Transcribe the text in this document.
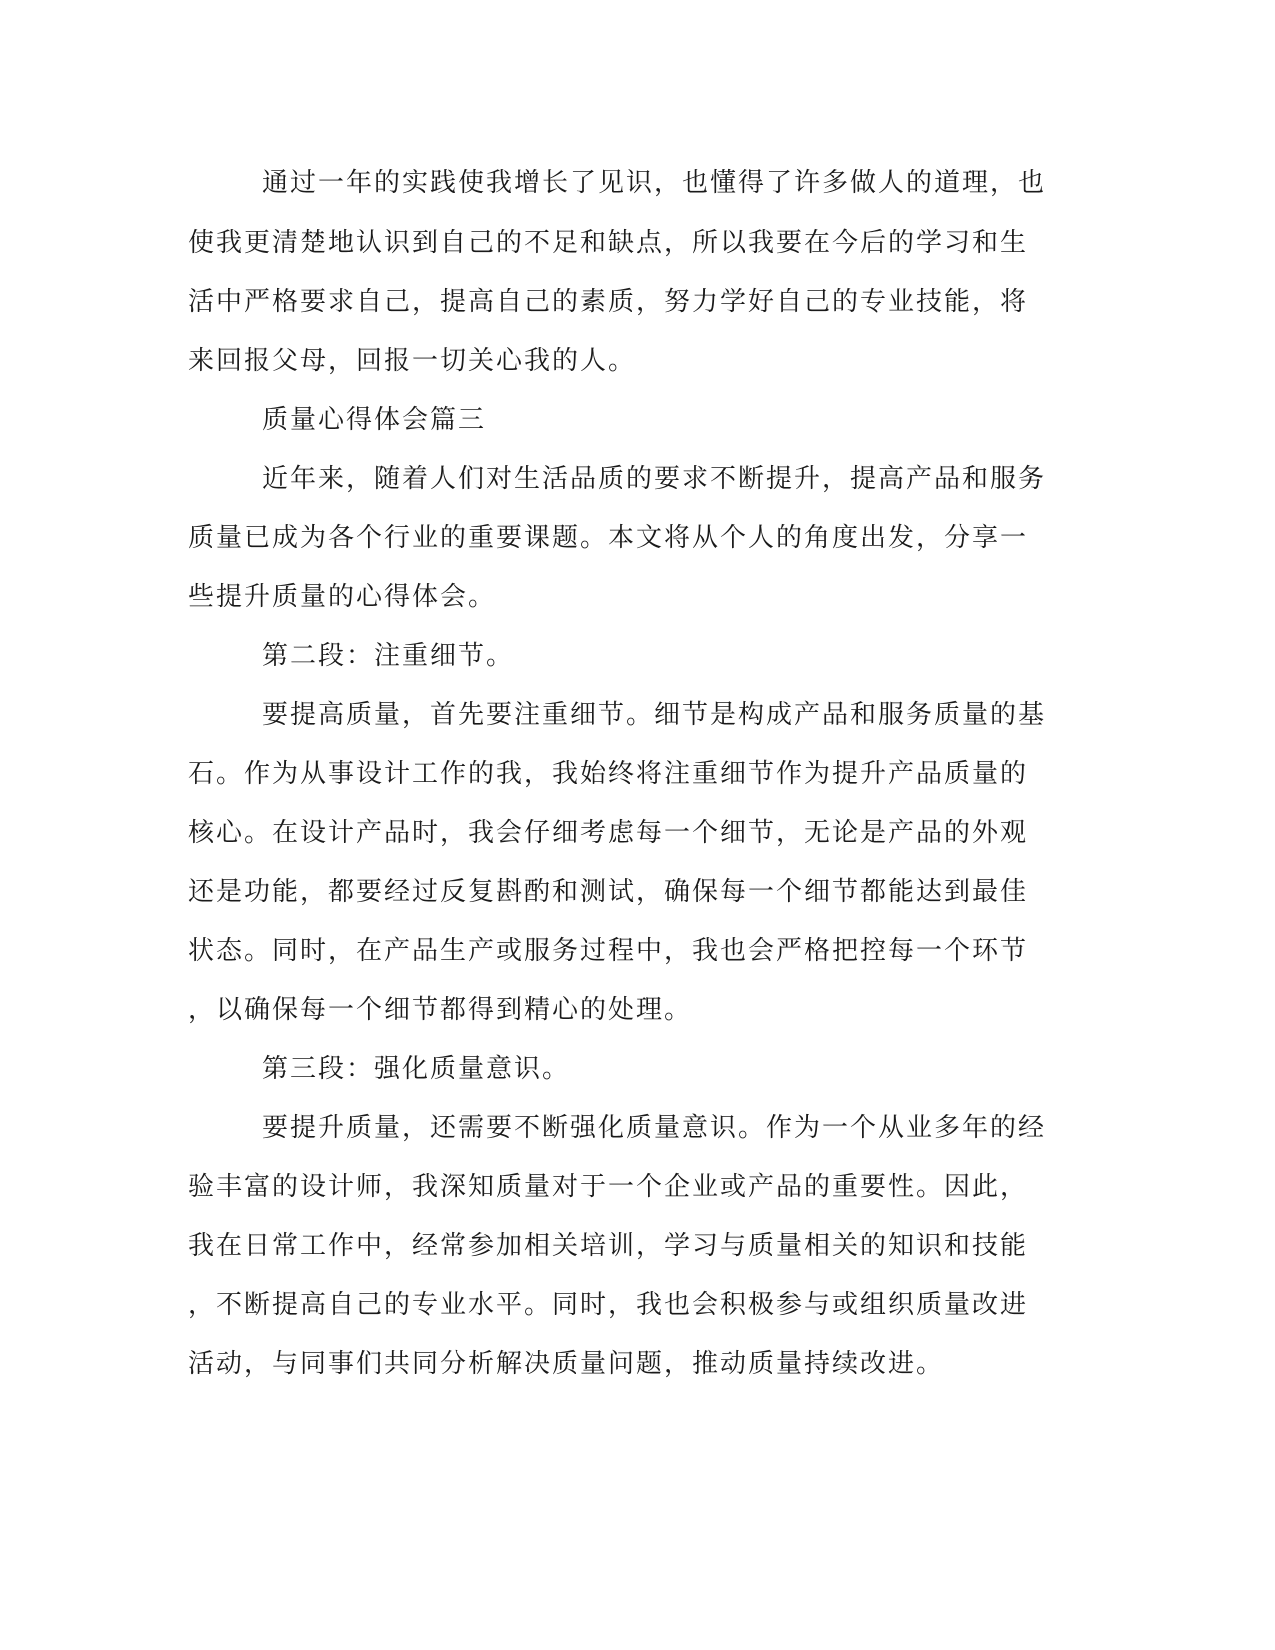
通过一年的实践使我增长了见识，也懂得了许多做人的道理，也
使我更清楚地认识到自己的不足和缺点，所以我要在今后的学习和生
活中严格要求自己，提高自己的素质，努力学好自己的专业技能，将
来回报父母，回报一切关心我的人。
质量心得体会篇三
近年来，随着人们对生活品质的要求不断提升，提高产品和服务
质量已成为各个行业的重要课题。本文将从个人的角度出发，分享一
些提升质量的心得体会。
第二段：注重细节。
要提高质量，首先要注重细节。细节是构成产品和服务质量的基
石。作为从事设计工作的我，我始终将注重细节作为提升产品质量的
核心。在设计产品时，我会仔细考虑每一个细节，无论是产品的外观
还是功能，都要经过反复斟酌和测试，确保每一个细节都能达到最佳
状态。同时，在产品生产或服务过程中，我也会严格把控每一个环节
，以确保每一个细节都得到精心的处理。
第三段：强化质量意识。
要提升质量，还需要不断强化质量意识。作为一个从业多年的经
验丰富的设计师，我深知质量对于一个企业或产品的重要性。因此，
我在日常工作中，经常参加相关培训，学习与质量相关的知识和技能
，不断提高自己的专业水平。同时，我也会积极参与或组织质量改进
活动，与同事们共同分析解决质量问题，推动质量持续改进。
